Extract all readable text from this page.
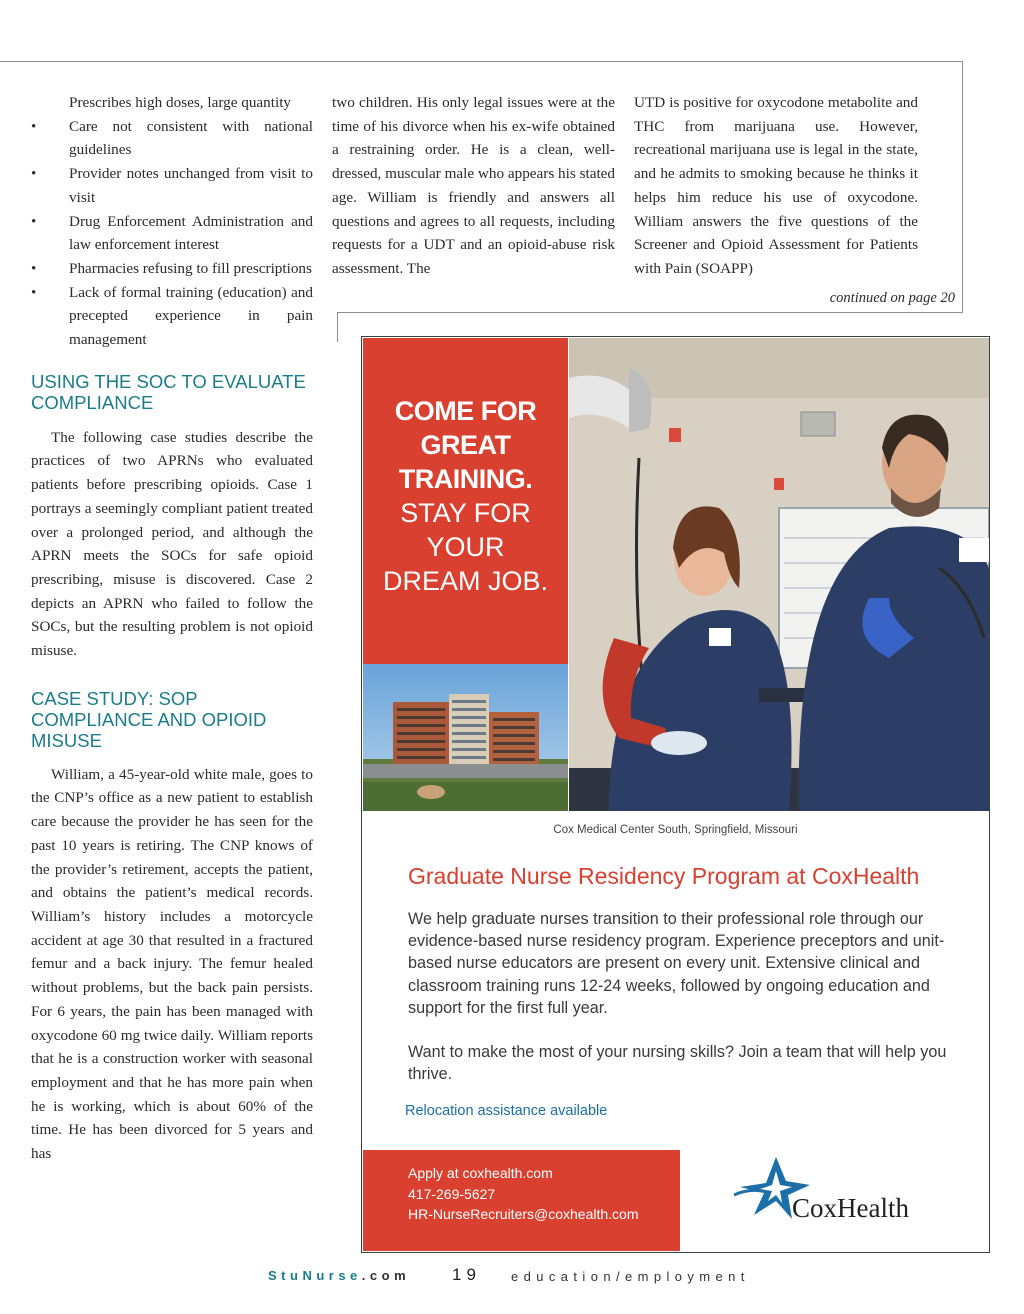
Prescribes high doses, large quantity
• Care not consistent with national guidelines
• Provider notes unchanged from visit to visit
• Drug Enforcement Administration and law enforcement interest
• Pharmacies refusing to fill prescriptions
• Lack of formal training (education) and precepted experience in pain management
USING THE SOC TO EVALUATE COMPLIANCE

The following case studies describe the practices of two APRNs who evaluated patients before prescribing opioids. Case 1 portrays a seemingly compliant patient treated over a prolonged period, and although the APRN meets the SOCs for safe opioid prescribing, misuse is discovered. Case 2 depicts an APRN who failed to follow the SOCs, but the resulting problem is not opioid misuse.

CASE STUDY: SOP COMPLIANCE AND OPIOID MISUSE

William, a 45-year-old white male, goes to the CNP’s office as a new patient to establish care because the provider he has seen for the past 10 years is retiring. The CNP knows of the provider’s retirement, accepts the patient, and obtains the patient’s medical records. William’s history includes a motorcycle accident at age 30 that resulted in a fractured femur and a back injury. The femur healed without problems, but the back pain persists. For 6 years, the pain has been managed with oxycodone 60 mg twice daily. William reports that he is a construction worker with seasonal employment and that he has more pain when he is working, which is about 60% of the time. He has been divorced for 5 years and has

two children. His only legal issues were at the time of his divorce when his ex-wife obtained a restraining order. He is a clean, well-dressed, muscular male who appears his stated age. William is friendly and answers all questions and agrees to all requests, including requests for a UDT and an opioid-abuse risk assessment. The

UTD is positive for oxycodone metabolite and THC from marijuana use. However, recreational marijuana use is legal in the state, and he admits to smoking because he thinks it helps him reduce his use of oxycodone. William answers the five questions of the Screener and Opioid Assessment for Patients with Pain (SOAPP)

continued on page 20
COME FOR
GREAT
TRAINING.
STAY FOR
YOUR
DREAM JOB.
Cox Medical Center South, Springfield, Missouri
Graduate Nurse Residency Program at CoxHealth

We help graduate nurses transition to their professional role through our evidence-based nurse residency program. Experience preceptors and unit-based nurse educators are present on every unit. Extensive clinical and classroom training runs 12-24 weeks, followed by ongoing education and support for the first full year.

Want to make the most of your nursing skills? Join a team that will help you thrive.

Relocation assistance available
Apply at coxhealth.com
417-269-5627
HR-NurseRecruiters@coxhealth.com	CoxHealth
StuNurse.com 19 education/employment
